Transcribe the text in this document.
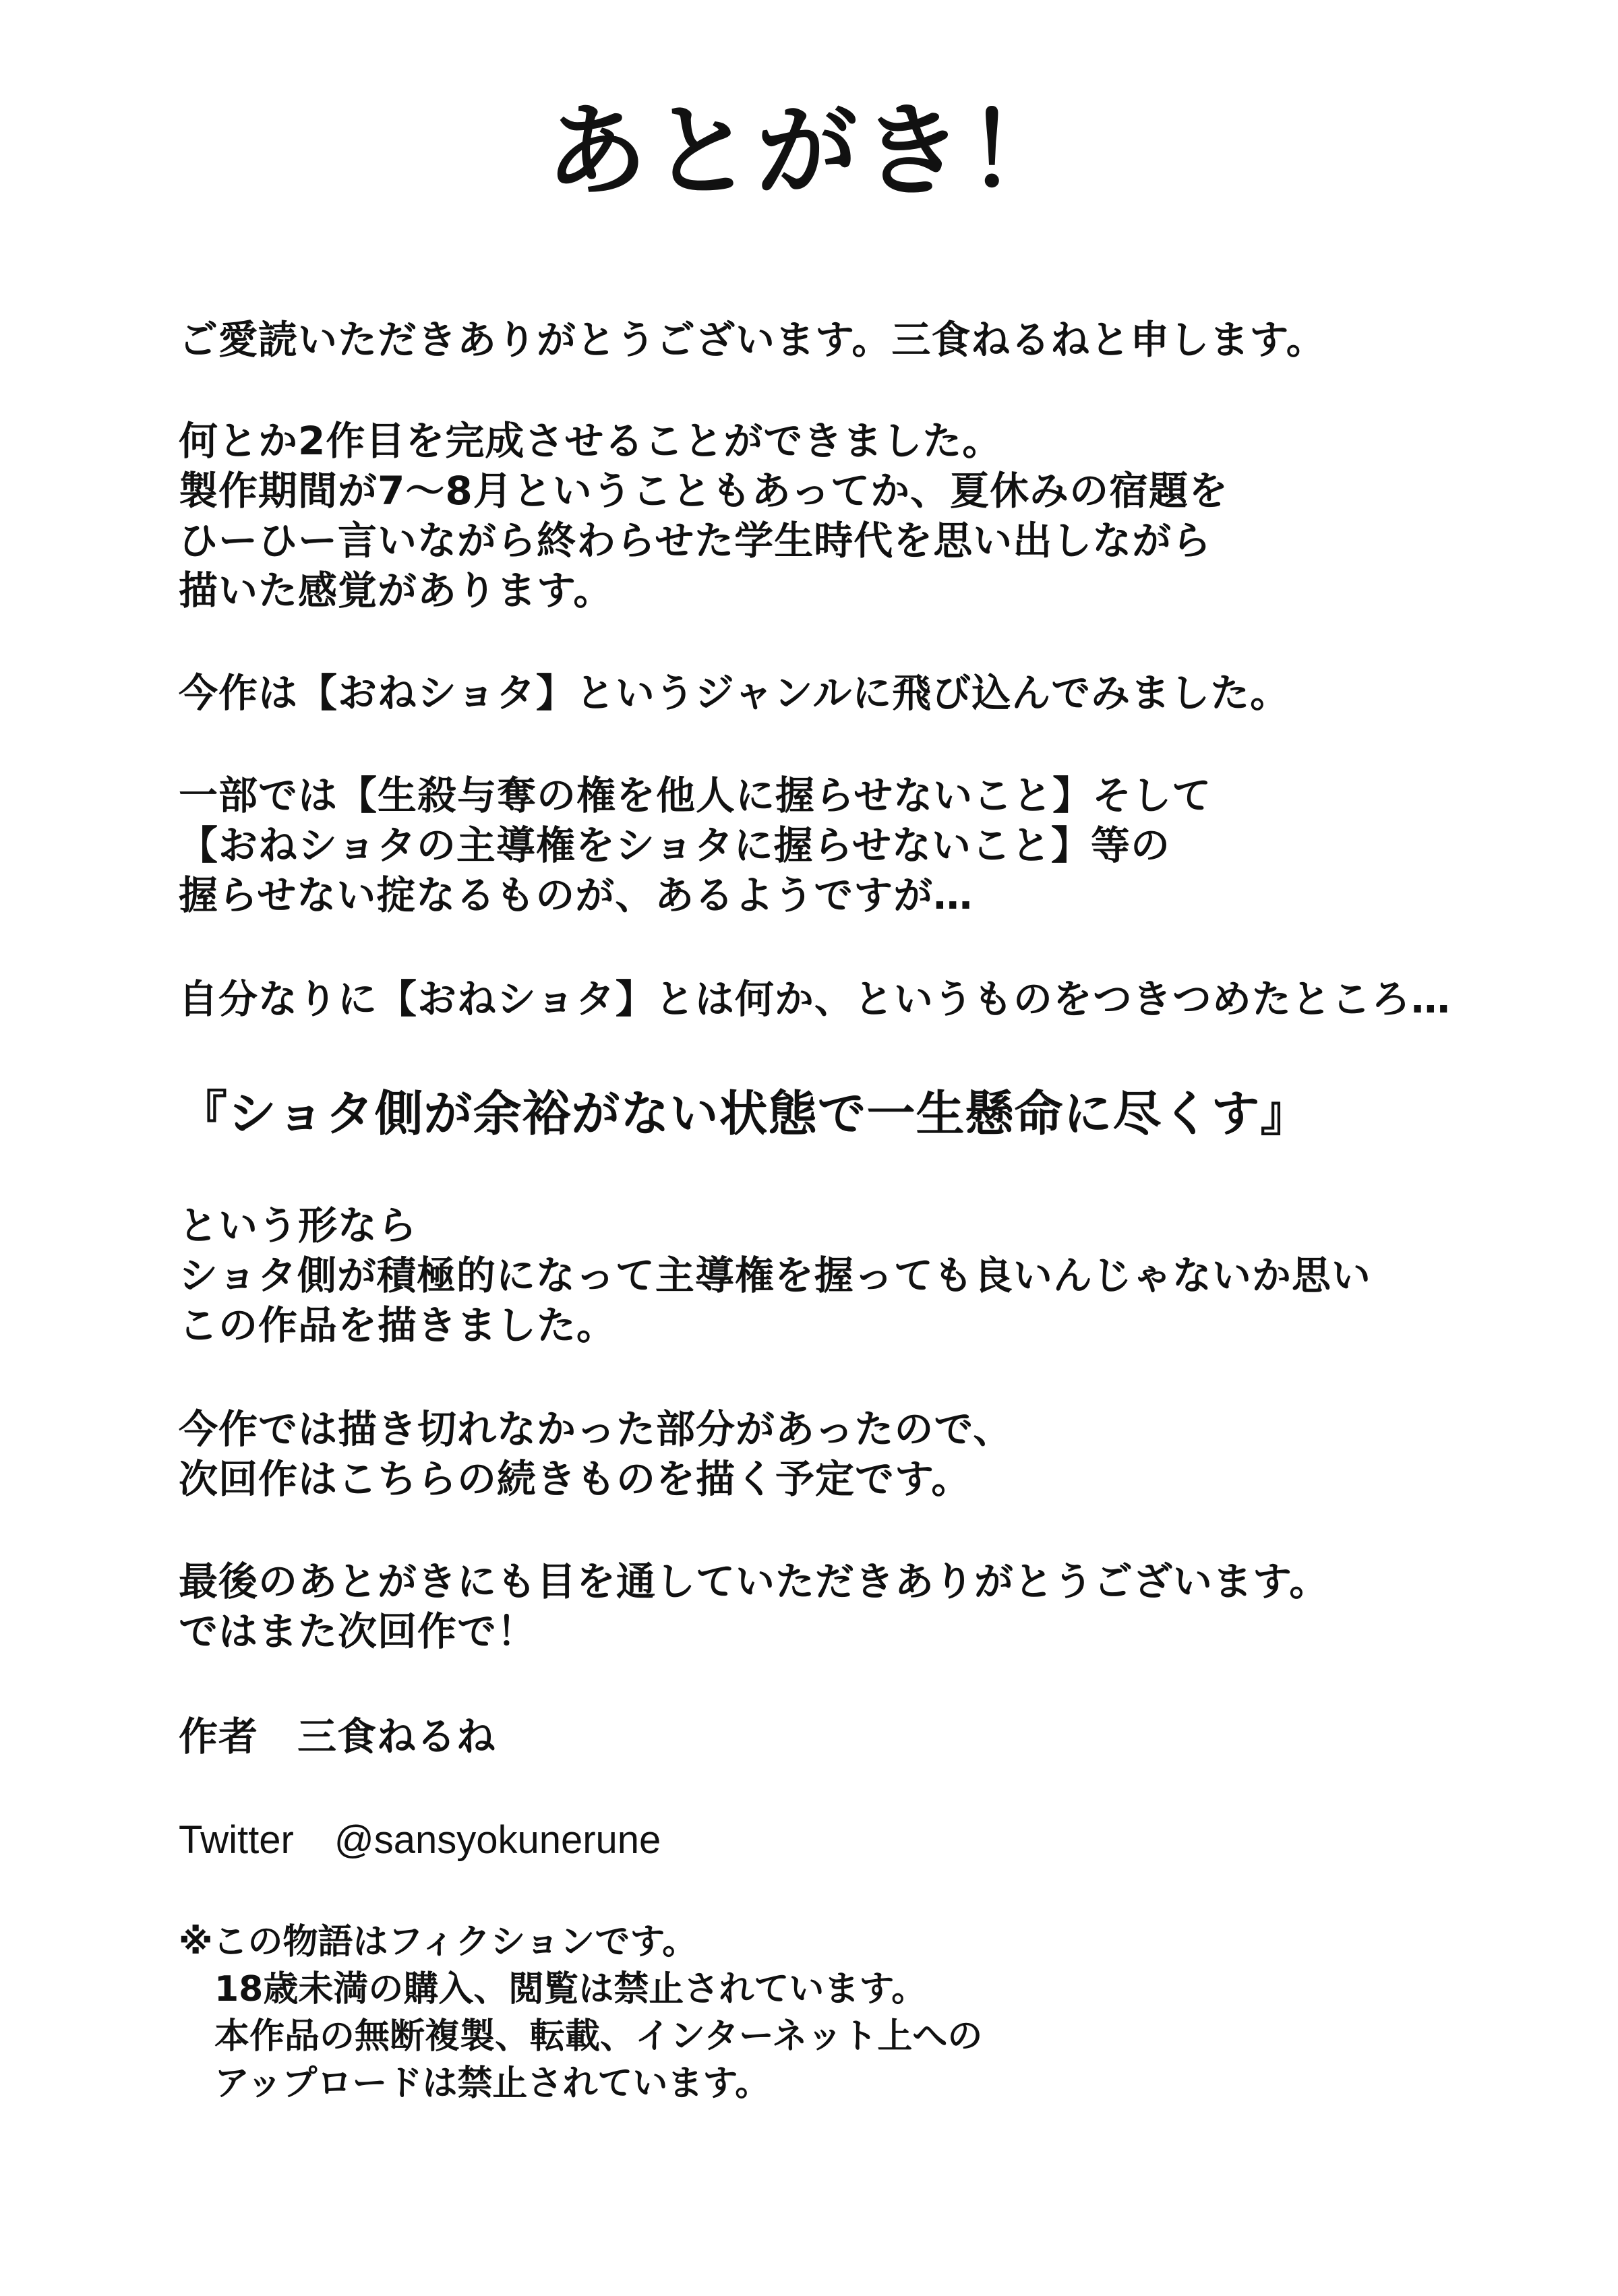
あとがき！
ご愛読いただきありがとうございます。三食ねるねと申します。
何とか2作目を完成させることができました。
製作期間が7～8月ということもあってか、夏休みの宿題を
ひーひー言いながら終わらせた学生時代を思い出しながら
描いた感覚があります。
今作は【おねショタ】というジャンルに飛び込んでみました。
一部では【生殺与奪の権を他人に握らせないこと】そして
【おねショタの主導権をショタに握らせないこと】等の
握らせない掟なるものが、あるようですが…
自分なりに【おねショタ】とは何か、というものをつきつめたところ…
『ショタ側が余裕がない状態で一生懸命に尽くす』
という形なら
ショタ側が積極的になって主導権を握っても良いんじゃないか思い
この作品を描きました。
今作では描き切れなかった部分があったので、
次回作はこちらの続きものを描く予定です。
最後のあとがきにも目を通していただきありがとうございます。
ではまた次回作で！
作者 三食ねるね
Twitter @sansyokunerune
※この物語はフィクションです。
18歳未満の購入、閲覧は禁止されています。
本作品の無断複製、転載、インターネット上への
アップロードは禁止されています。
